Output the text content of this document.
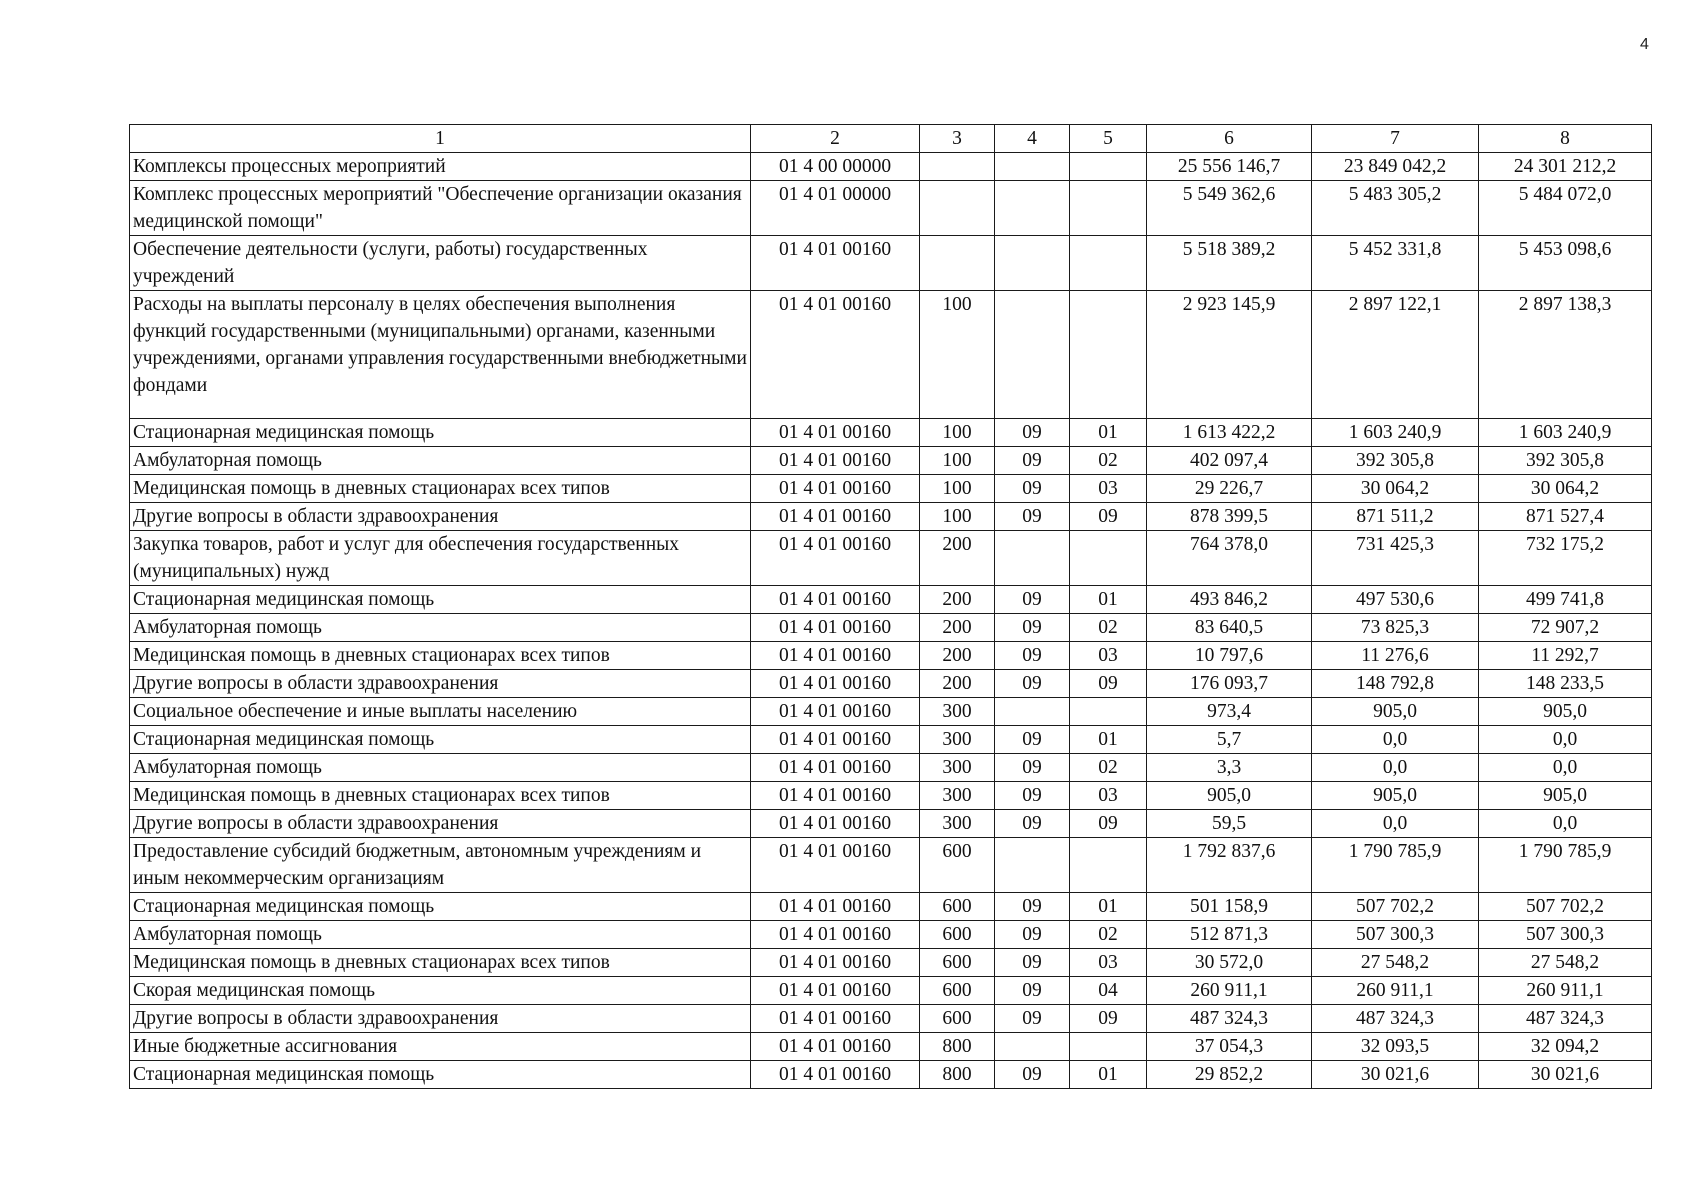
4
1	2	3	4	5	6	7	8
Комплексы процессных мероприятий	01 4 00 00000				25 556 146,7	23 849 042,2	24 301 212,2
Комплекс процессных мероприятий "Обеспечение организации оказания медицинской помощи"	01 4 01 00000				5 549 362,6	5 483 305,2	5 484 072,0
Обеспечение деятельности (услуги, работы) государственных учреждений	01 4 01 00160				5 518 389,2	5 452 331,8	5 453 098,6
Расходы на выплаты персоналу в целях обеспечения выполнения функций государственными (муниципальными) органами, казенными учреждениями, органами управления государственными внебюджетными фондами	01 4 01 00160	100			2 923 145,9	2 897 122,1	2 897 138,3
Стационарная медицинская помощь	01 4 01 00160	100	09	01	1 613 422,2	1 603 240,9	1 603 240,9
Амбулаторная помощь	01 4 01 00160	100	09	02	402 097,4	392 305,8	392 305,8
Медицинская помощь в дневных стационарах всех типов	01 4 01 00160	100	09	03	29 226,7	30 064,2	30 064,2
Другие вопросы в области здравоохранения	01 4 01 00160	100	09	09	878 399,5	871 511,2	871 527,4
Закупка товаров, работ и услуг для обеспечения государственных (муниципальных) нужд	01 4 01 00160	200			764 378,0	731 425,3	732 175,2
Стационарная медицинская помощь	01 4 01 00160	200	09	01	493 846,2	497 530,6	499 741,8
Амбулаторная помощь	01 4 01 00160	200	09	02	83 640,5	73 825,3	72 907,2
Медицинская помощь в дневных стационарах всех типов	01 4 01 00160	200	09	03	10 797,6	11 276,6	11 292,7
Другие вопросы в области здравоохранения	01 4 01 00160	200	09	09	176 093,7	148 792,8	148 233,5
Социальное обеспечение и иные выплаты населению	01 4 01 00160	300			973,4	905,0	905,0
Стационарная медицинская помощь	01 4 01 00160	300	09	01	5,7	0,0	0,0
Амбулаторная помощь	01 4 01 00160	300	09	02	3,3	0,0	0,0
Медицинская помощь в дневных стационарах всех типов	01 4 01 00160	300	09	03	905,0	905,0	905,0
Другие вопросы в области здравоохранения	01 4 01 00160	300	09	09	59,5	0,0	0,0
Предоставление субсидий бюджетным, автономным учреждениям и иным некоммерческим организациям	01 4 01 00160	600			1 792 837,6	1 790 785,9	1 790 785,9
Стационарная медицинская помощь	01 4 01 00160	600	09	01	501 158,9	507 702,2	507 702,2
Амбулаторная помощь	01 4 01 00160	600	09	02	512 871,3	507 300,3	507 300,3
Медицинская помощь в дневных стационарах всех типов	01 4 01 00160	600	09	03	30 572,0	27 548,2	27 548,2
Скорая медицинская помощь	01 4 01 00160	600	09	04	260 911,1	260 911,1	260 911,1
Другие вопросы в области здравоохранения	01 4 01 00160	600	09	09	487 324,3	487 324,3	487 324,3
Иные бюджетные ассигнования	01 4 01 00160	800			37 054,3	32 093,5	32 094,2
Стационарная медицинская помощь	01 4 01 00160	800	09	01	29 852,2	30 021,6	30 021,6
